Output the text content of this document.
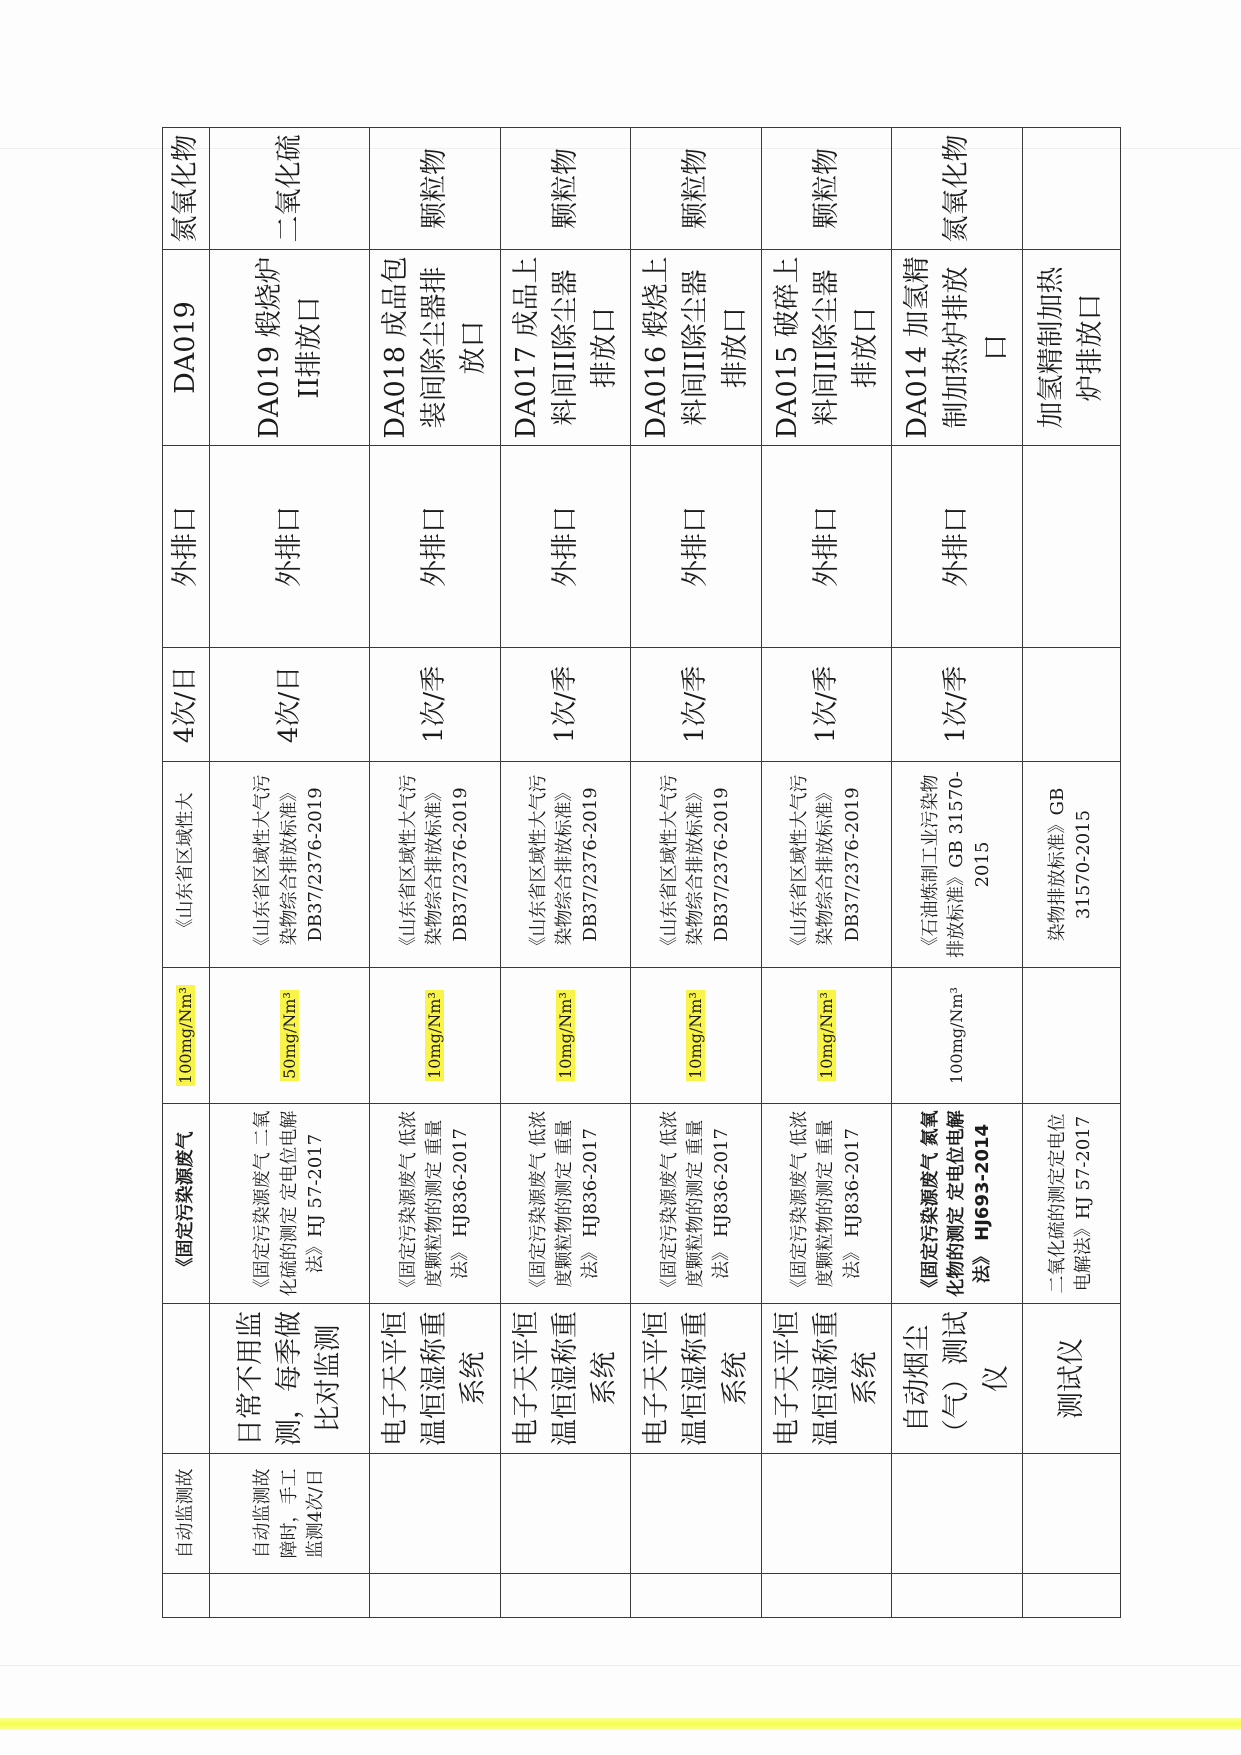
	自动监测故		《固定污染源废气	100mg/Nm³	《山东省区域性大	4次/日	外排口	DA019	氮氧化物
	自动监测故障时，手工监测4次/日	日常不用监测，每季做比对监测	《固定污染源废气 二氧化硫的测定 定电位电解法》HJ 57-2017	50mg/Nm³	《山东省区域性大气污染物综合排放标准》DB37/2376-2019	4次/日	外排口	DA019 煅烧炉II排放口	二氧化硫
		电子天平恒温恒湿称重系统	《固定污染源废气 低浓度颗粒物的测定 重量法》 HJ836-2017	10mg/Nm³	《山东省区域性大气污染物综合排放标准》DB37/2376-2019	1次/季	外排口	DA018 成品包装间除尘器排放口	颗粒物
		电子天平恒温恒湿称重系统	《固定污染源废气 低浓度颗粒物的测定 重量法》 HJ836-2017	10mg/Nm³	《山东省区域性大气污染物综合排放标准》DB37/2376-2019	1次/季	外排口	DA017 成品上料间II除尘器排放口	颗粒物
		电子天平恒温恒湿称重系统	《固定污染源废气 低浓度颗粒物的测定 重量法》 HJ836-2017	10mg/Nm³	《山东省区域性大气污染物综合排放标准》DB37/2376-2019	1次/季	外排口	DA016 煅烧上料间II除尘器排放口	颗粒物
		电子天平恒温恒湿称重系统	《固定污染源废气 低浓度颗粒物的测定 重量法》 HJ836-2017	10mg/Nm³	《山东省区域性大气污染物综合排放标准》DB37/2376-2019	1次/季	外排口	DA015 破碎上料间II除尘器排放口	颗粒物
		自动烟尘（气）测试仪	《固定污染源废气 氮氧化物的测定 定电位电解法》 HJ693-2014	100mg/Nm³	《石油炼制工业污染物排放标准》GB 31570-2015	1次/季	外排口	DA014 加氢精制加热炉排放口	氮氧化物
		测试仪	二氧化硫的测定定电位电解法》HJ 57-2017		染物排放标准》GB 31570-2015			加氢精制加热炉排放口	
